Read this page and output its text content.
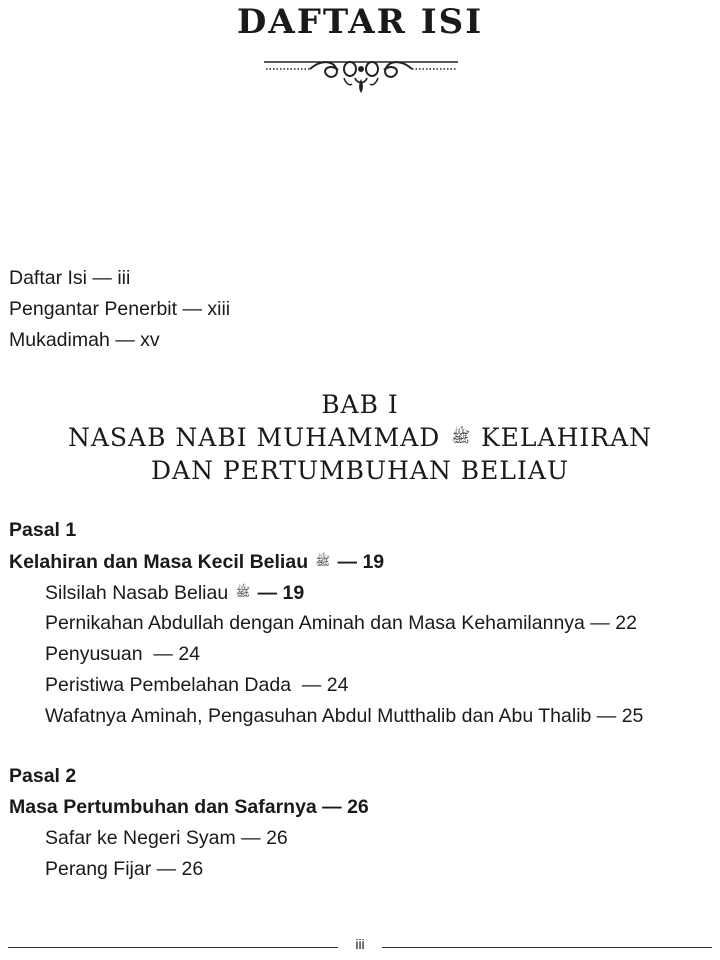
DAFTAR ISI
Daftar Isi — iii
Pengantar Penerbit — xiii
Mukadimah — xv
BAB I
NASAB NABI MUHAMMAD ﷺ KELAHIRAN
DAN PERTUMBUHAN BELIAU
Pasal 1
Kelahiran dan Masa Kecil Beliau ﷺ — 19
Silsilah Nasab Beliau ﷺ — 19
Pernikahan Abdullah dengan Aminah dan Masa Kehamilannya — 22
Penyusuan  — 24
Peristiwa Pembelahan Dada  — 24
Wafatnya Aminah, Pengasuhan Abdul Mutthalib dan Abu Thalib — 25
Pasal 2
Masa Pertumbuhan dan Safarnya — 26
Safar ke Negeri Syam — 26
Perang Fijar — 26
iii
